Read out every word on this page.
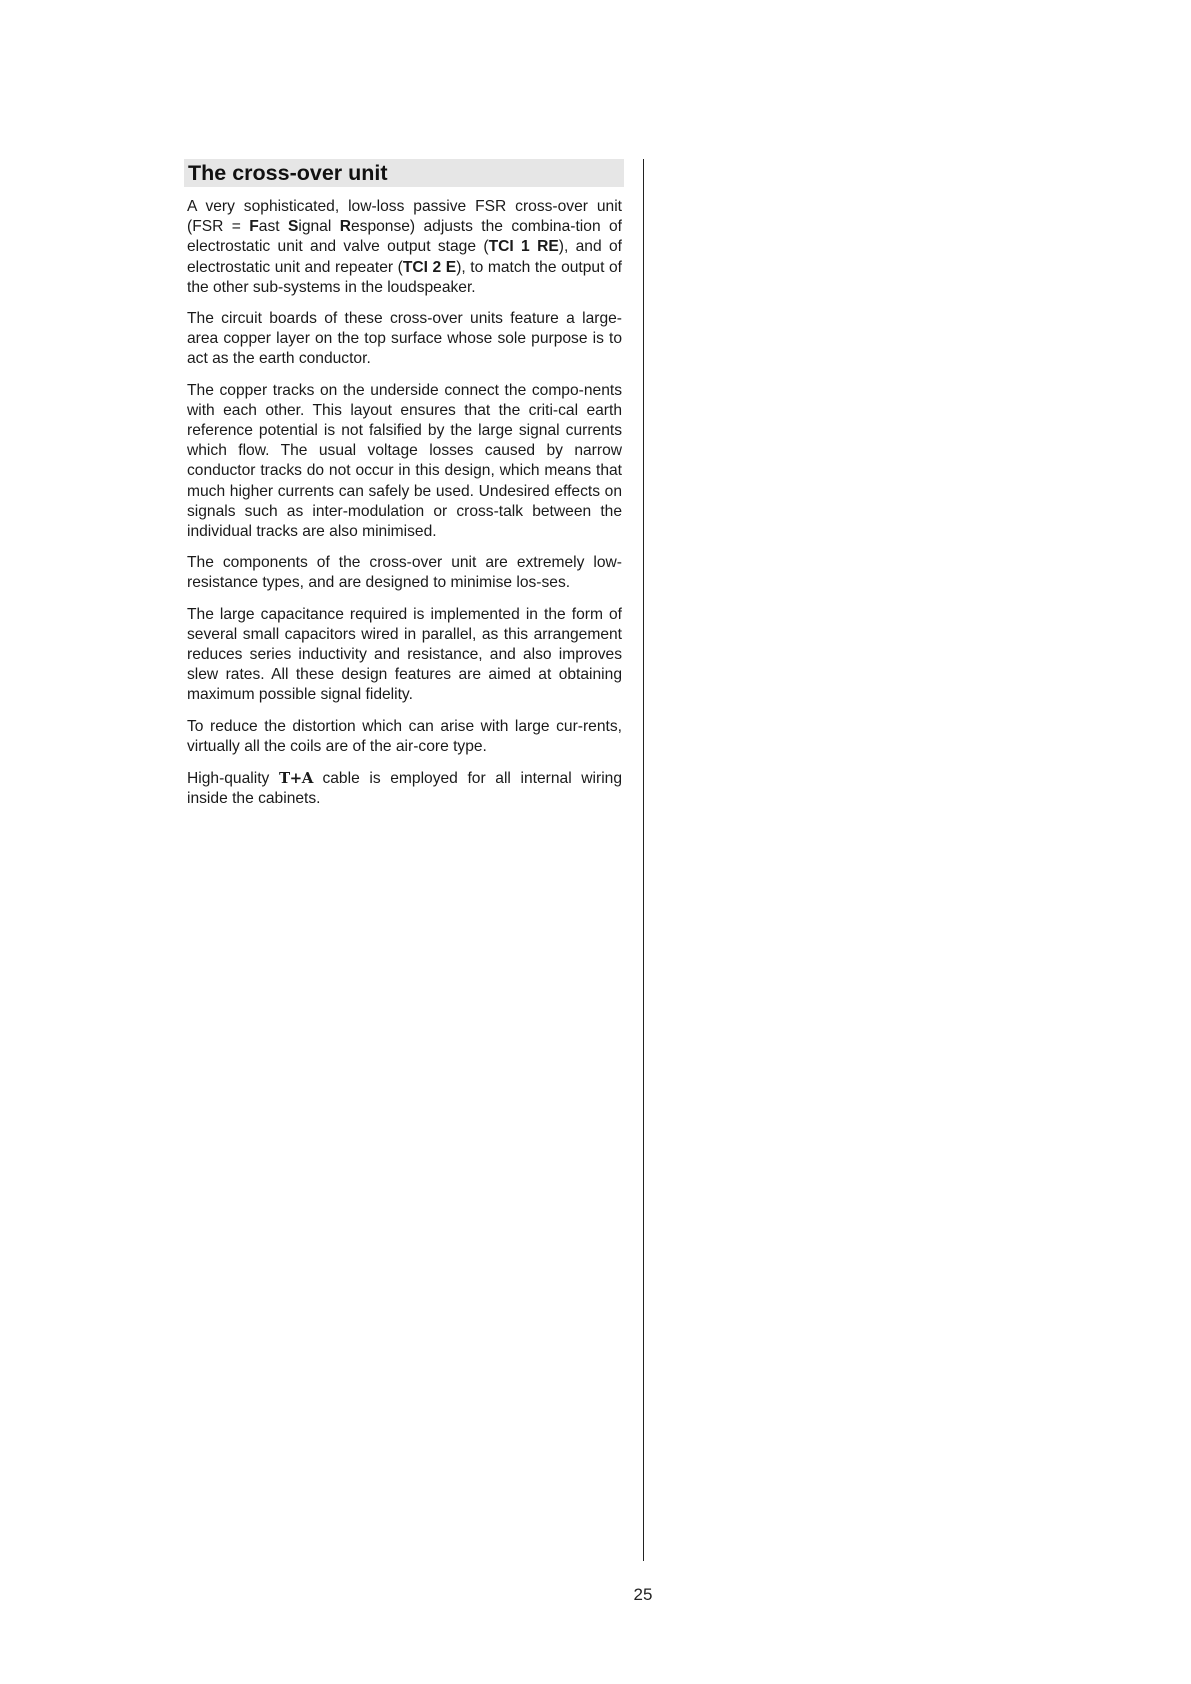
The cross-over unit

A very sophisticated, low-loss passive FSR cross-over unit (FSR = Fast Signal Response) adjusts the combina-tion of electrostatic unit and valve output stage (TCI 1 RE), and of electrostatic unit and repeater (TCI 2 E), to match the output of the other sub-systems in the loudspeaker.

The circuit boards of these cross-over units feature a large-area copper layer on the top surface whose sole purpose is to act as the earth conductor.

The copper tracks on the underside connect the compo-nents with each other. This layout ensures that the criti-cal earth reference potential is not falsified by the large signal currents which flow. The usual voltage losses caused by narrow conductor tracks do not occur in this design, which means that much higher currents can safely be used. Undesired effects on signals such as inter-modulation or cross-talk between the individual tracks are also minimised.

The components of the cross-over unit are extremely low-resistance types, and are designed to minimise los-ses.

The large capacitance required is implemented in the form of several small capacitors wired in parallel, as this arrangement reduces series inductivity and resistance, and also improves slew rates. All these design features are aimed at obtaining maximum possible signal fidelity.

To reduce the distortion which can arise with large cur-rents, virtually all the coils are of the air-core type.

High-quality T+A cable is employed for all internal wiring inside the cabinets.

25
